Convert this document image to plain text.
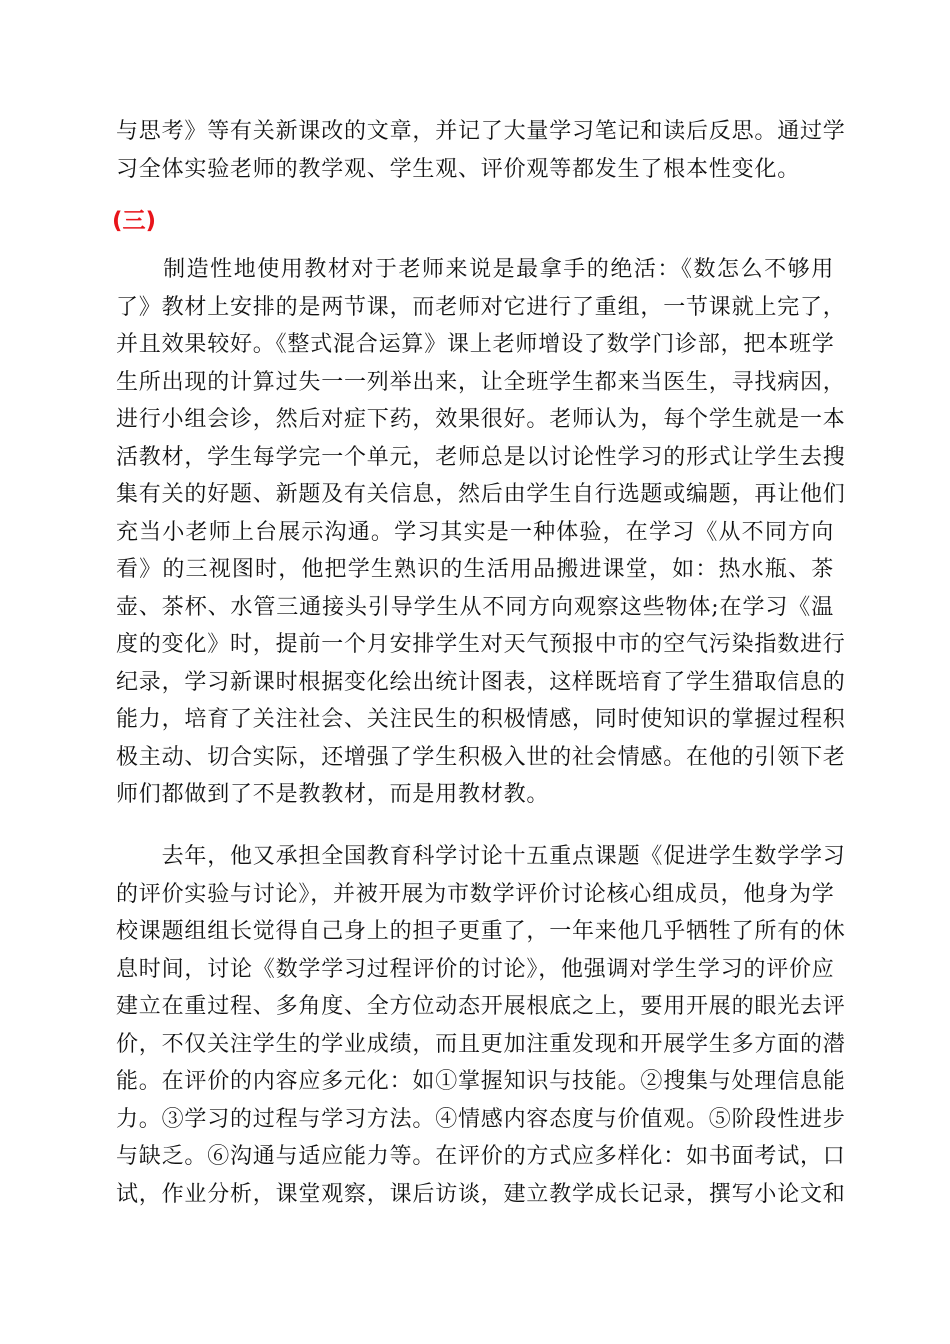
与思考》等有关新课改的文章，并记了大量学习笔记和读后反思。通过学
习全体实验老师的教学观、学生观、评价观等都发生了根本性变化。
(三)
　　制造性地使用教材对于老师来说是最拿手的绝活：《数怎么不够用
了》教材上安排的是两节课，而老师对它进行了重组，一节课就上完了，
并且效果较好。《整式混合运算》课上老师增设了数学门诊部，把本班学
生所出现的计算过失一一列举出来，让全班学生都来当医生，寻找病因，
进行小组会诊，然后对症下药，效果很好。老师认为，每个学生就是一本
活教材，学生每学完一个单元，老师总是以讨论性学习的形式让学生去搜
集有关的好题、新题及有关信息，然后由学生自行选题或编题，再让他们
充当小老师上台展示沟通。学习其实是一种体验，在学习《从不同方向
看》的三视图时，他把学生熟识的生活用品搬进课堂，如：热水瓶、茶
壶、茶杯、水管三通接头引导学生从不同方向观察这些物体;在学习《温
度的变化》时，提前一个月安排学生对天气预报中市的空气污染指数进行
纪录，学习新课时根据变化绘出统计图表，这样既培育了学生猎取信息的
能力，培育了关注社会、关注民生的积极情感，同时使知识的掌握过程积
极主动、切合实际，还增强了学生积极入世的社会情感。在他的引领下老
师们都做到了不是教教材，而是用教材教。
　　去年，他又承担全国教育科学讨论十五重点课题《促进学生数学学习
的评价实验与讨论》，并被开展为市数学评价讨论核心组成员，他身为学
校课题组组长觉得自己身上的担子更重了，一年来他几乎牺牲了所有的休
息时间，讨论《数学学习过程评价的讨论》，他强调对学生学习的评价应
建立在重过程、多角度、全方位动态开展根底之上，要用开展的眼光去评
价，不仅关注学生的学业成绩，而且更加注重发现和开展学生多方面的潜
能。在评价的内容应多元化：如①掌握知识与技能。②搜集与处理信息能
力。③学习的过程与学习方法。④情感内容态度与价值观。⑤阶段性进步
与缺乏。⑥沟通与适应能力等。在评价的方式应多样化：如书面考试，口
试，作业分析，课堂观察，课后访谈，建立教学成长记录，撰写小论文和
